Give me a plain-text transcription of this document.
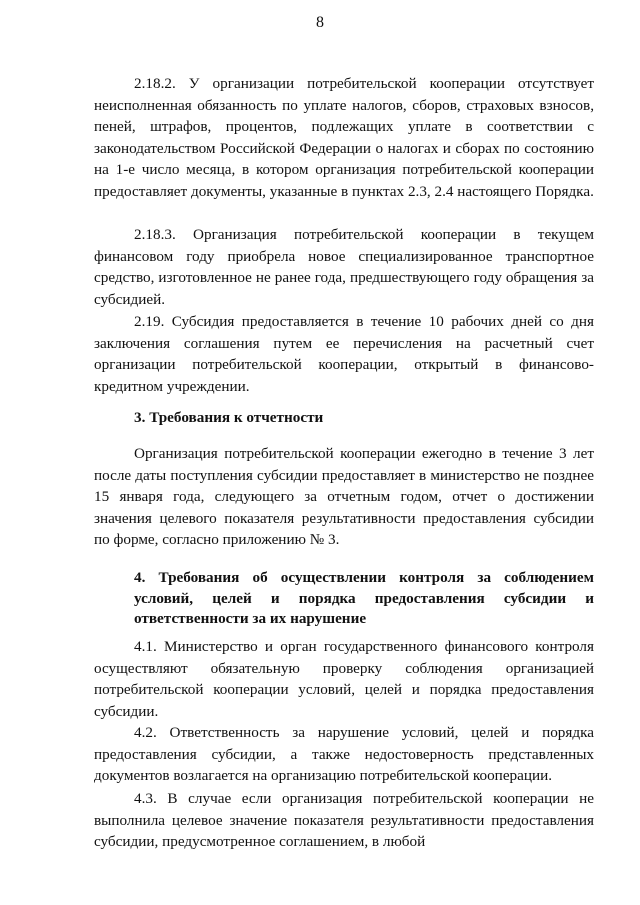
8
2.18.2. У организации потребительской кооперации отсутствует неисполненная обязанность по уплате налогов, сборов, страховых взносов, пеней, штрафов, процентов, подлежащих уплате в соответствии с законодательством Российской Федерации о налогах и сборах по состоянию на 1-е число месяца, в котором организация потребительской кооперации предоставляет документы, указанные в пунктах 2.3, 2.4 настоящего Порядка.
2.18.3. Организация потребительской кооперации в текущем финансовом году приобрела новое специализированное транспортное средство, изготовленное не ранее года, предшествующего году обращения за субсидией.
2.19. Субсидия предоставляется в течение 10 рабочих дней со дня заключения соглашения путем ее перечисления на расчетный счет организации потребительской кооперации, открытый в финансово-кредитном учреждении.
3. Требования к отчетности
Организация потребительской кооперации ежегодно в течение 3 лет после даты поступления субсидии предоставляет в министерство не позднее 15 января года, следующего за отчетным годом, отчет о достижении значения целевого показателя результативности предоставления субсидии по форме, согласно приложению № 3.
4. Требования об осуществлении контроля за соблюдением условий, целей и порядка предоставления субсидии и ответственности за их нарушение
4.1. Министерство и орган государственного финансового контроля осуществляют обязательную проверку соблюдения организацией потребительской кооперации условий, целей и порядка предоставления субсидии.
4.2. Ответственность за нарушение условий, целей и порядка предоставления субсидии, а также недостоверность представленных документов возлагается на организацию потребительской кооперации.
4.3. В случае если организация потребительской кооперации не выполнила целевое значение показателя результативности предоставления субсидии, предусмотренное соглашением, в любой
